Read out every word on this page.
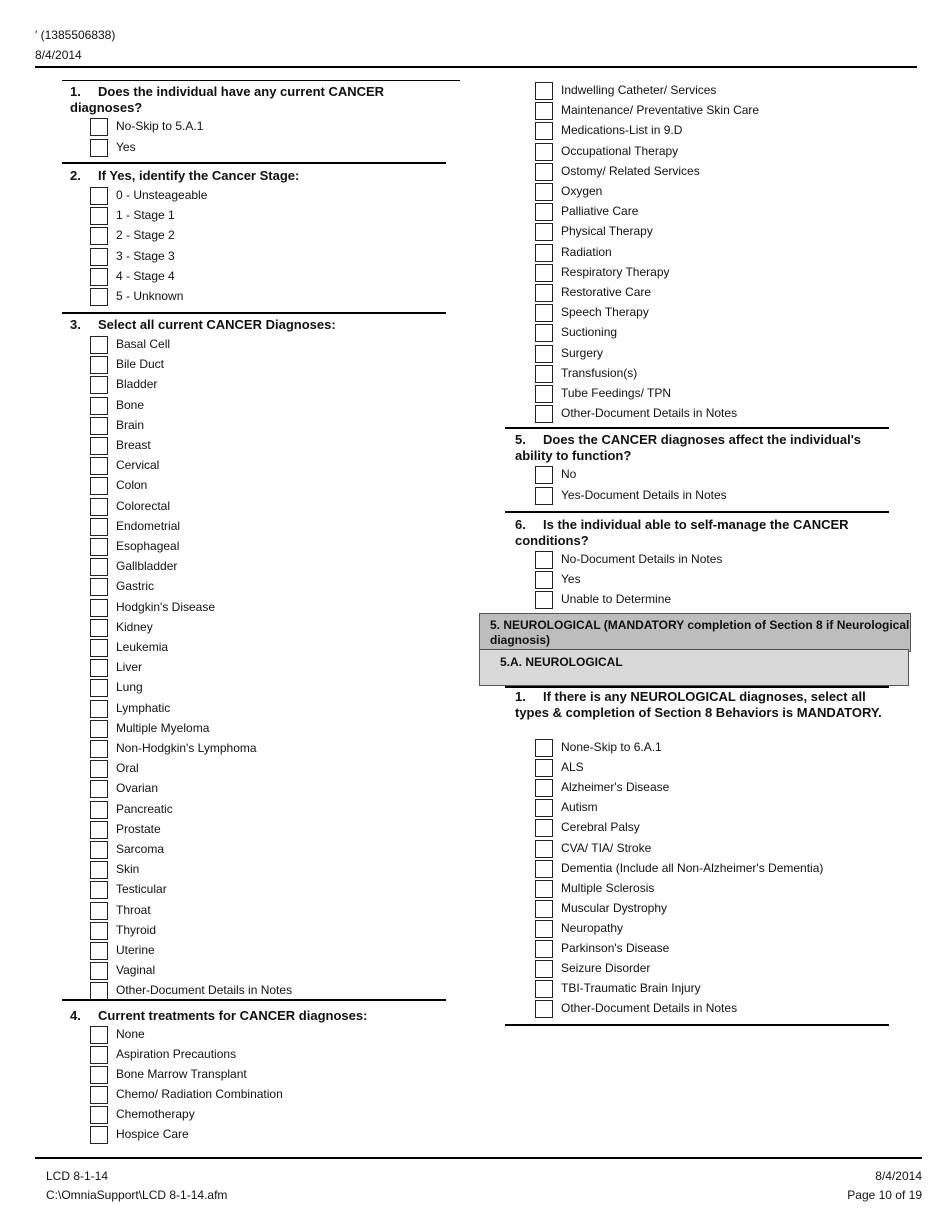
' (1385506838)
8/4/2014
1. Does the individual have any current CANCER diagnoses?
No-Skip to 5.A.1
Yes
2. If Yes, identify the Cancer Stage:
0 - Unsteageable
1 - Stage 1
2 - Stage 2
3 - Stage 3
4 - Stage 4
5 - Unknown
3. Select all current CANCER Diagnoses:
Basal Cell
Bile Duct
Bladder
Bone
Brain
Breast
Cervical
Colon
Colorectal
Endometrial
Esophageal
Gallbladder
Gastric
Hodgkin's Disease
Kidney
Leukemia
Liver
Lung
Lymphatic
Multiple Myeloma
Non-Hodgkin's Lymphoma
Oral
Ovarian
Pancreatic
Prostate
Sarcoma
Skin
Testicular
Throat
Thyroid
Uterine
Vaginal
Other-Document Details in Notes
4. Current treatments for CANCER diagnoses:
None
Aspiration Precautions
Bone Marrow Transplant
Chemo/ Radiation Combination
Chemotherapy
Hospice Care
Indwelling Catheter/ Services
Maintenance/ Preventative Skin Care
Medications-List in 9.D
Occupational Therapy
Ostomy/ Related Services
Oxygen
Palliative Care
Physical Therapy
Radiation
Respiratory Therapy
Restorative Care
Speech Therapy
Suctioning
Surgery
Transfusion(s)
Tube Feedings/ TPN
Other-Document Details in Notes
5. Does the CANCER diagnoses affect the individual's ability to function?
No
Yes-Document Details in Notes
6. Is the individual able to self-manage the CANCER conditions?
No-Document Details in Notes
Yes
Unable to Determine
5. NEUROLOGICAL (MANDATORY completion of Section 8 if Neurological diagnosis)
5.A. NEUROLOGICAL
1. If there is any NEUROLOGICAL diagnoses, select all types & completion of Section 8 Behaviors is MANDATORY.
None-Skip to 6.A.1
ALS
Alzheimer's Disease
Autism
Cerebral Palsy
CVA/ TIA/ Stroke
Dementia (Include all Non-Alzheimer's Dementia)
Multiple Sclerosis
Muscular Dystrophy
Neuropathy
Parkinson's Disease
Seizure Disorder
TBI-Traumatic Brain Injury
Other-Document Details in Notes
LCD 8-1-14
C:\OmniaSupport\LCD 8-1-14.afm
8/4/2014
Page 10 of 19
